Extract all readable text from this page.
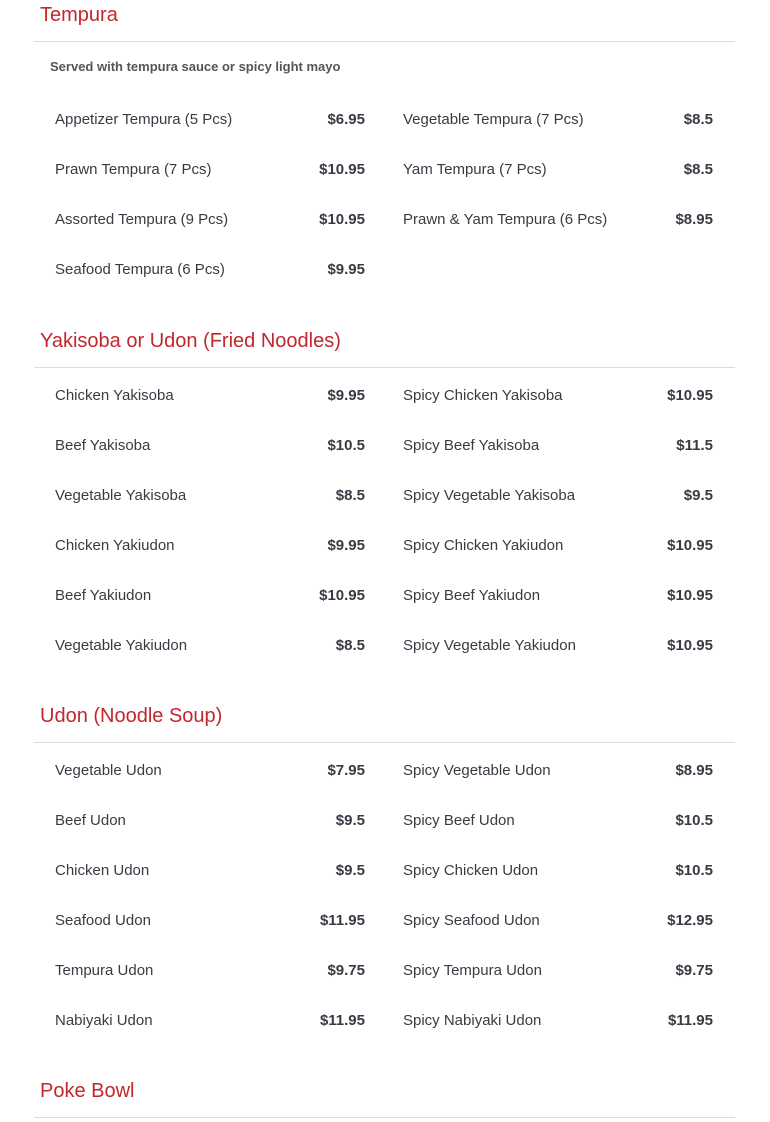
Tempura
Served with tempura sauce or spicy light mayo
Appetizer Tempura (5 Pcs)	$6.95	Vegetable Tempura (7 Pcs)	$8.5
Prawn Tempura (7 Pcs)	$10.95	Yam Tempura (7 Pcs)	$8.5
Assorted Tempura (9 Pcs)	$10.95	Prawn & Yam Tempura (6 Pcs)	$8.95
Seafood Tempura (6 Pcs)	$9.95
Yakisoba or Udon (Fried Noodles)
Chicken Yakisoba	$9.95	Spicy Chicken Yakisoba	$10.95
Beef Yakisoba	$10.5	Spicy Beef Yakisoba	$11.5
Vegetable Yakisoba	$8.5	Spicy Vegetable Yakisoba	$9.5
Chicken Yakiudon	$9.95	Spicy Chicken Yakiudon	$10.95
Beef Yakiudon	$10.95	Spicy Beef Yakiudon	$10.95
Vegetable Yakiudon	$8.5	Spicy Vegetable Yakiudon	$10.95
Udon (Noodle Soup)
Vegetable Udon	$7.95	Spicy Vegetable Udon	$8.95
Beef Udon	$9.5	Spicy Beef Udon	$10.5
Chicken Udon	$9.5	Spicy Chicken Udon	$10.5
Seafood Udon	$11.95	Spicy Seafood Udon	$12.95
Tempura Udon	$9.75	Spicy Tempura Udon	$9.75
Nabiyaki Udon	$11.95	Spicy Nabiyaki Udon	$11.95
Poke Bowl
